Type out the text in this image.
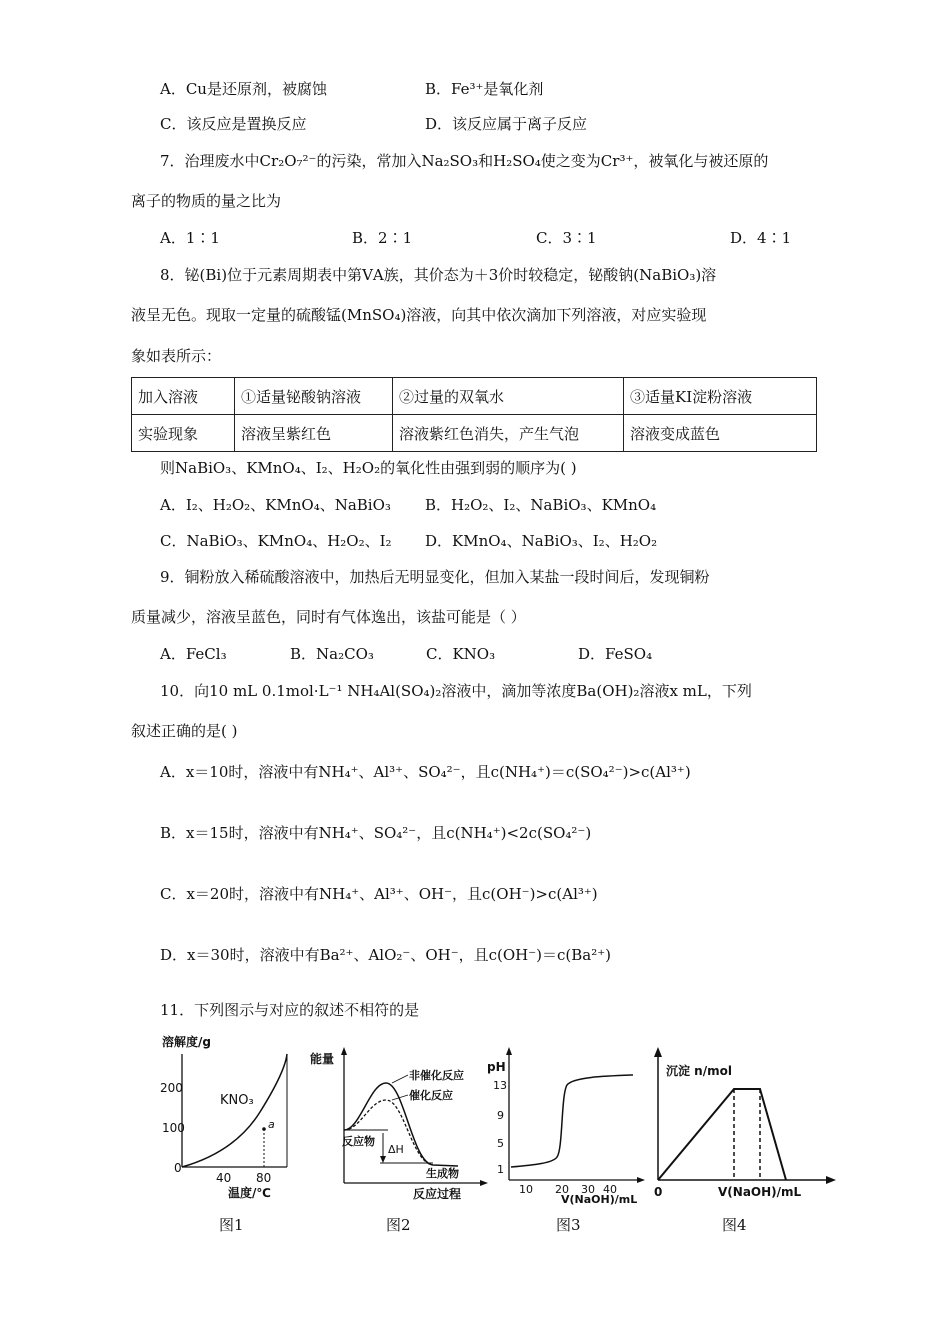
A．Cu是还原剂，被腐蚀	B．Fe³⁺是氧化剂
C．该反应是置换反应	D．该反应属于离子反应
7．治理废水中Cr₂O₇²⁻的污染，常加入Na₂SO₃和H₂SO₄使之变为Cr³⁺，被氧化与被还原的
离子的物质的量之比为
A．1∶1	B．2∶1	C．3∶1	D．4∶1
8．铋(Bi)位于元素周期表中第ⅤA族，其价态为＋3价时较稳定，铋酸钠(NaBiO₃)溶
液呈无色。现取一定量的硫酸锰(MnSO₄)溶液，向其中依次滴加下列溶液，对应实验现
象如表所示：
加入溶液	①适量铋酸钠溶液	②过量的双氧水	③适量KI淀粉溶液
实验现象	溶液呈紫红色	溶液紫红色消失，产生气泡	溶液变成蓝色
则NaBiO₃、KMnO₄、I₂、H₂O₂的氧化性由强到弱的顺序为( )
A．I₂、H₂O₂、KMnO₄、NaBiO₃ B．H₂O₂、I₂、NaBiO₃、KMnO₄
C．NaBiO₃、KMnO₄、H₂O₂、I₂ D．KMnO₄、NaBiO₃、I₂、H₂O₂
9．铜粉放入稀硫酸溶液中，加热后无明显变化，但加入某盐一段时间后，发现铜粉
质量减少，溶液呈蓝色，同时有气体逸出，该盐可能是（ ）
A．FeCl₃	B．Na₂CO₃	C．KNO₃	D．FeSO₄
10．向10 mL 0.1mol·L⁻¹ NH₄Al(SO₄)₂溶液中，滴加等浓度Ba(OH)₂溶液x mL，下列
叙述正确的是( )
A．x＝10时，溶液中有NH₄⁺、Al³⁺、SO₄²⁻，且c(NH₄⁺)＝c(SO₄²⁻)>c(Al³⁺)
B．x＝15时，溶液中有NH₄⁺、SO₄²⁻，且c(NH₄⁺)<2c(SO₄²⁻)
C．x＝20时，溶液中有NH₄⁺、Al³⁺、OH⁻，且c(OH⁻)>c(Al³⁺)
D．x＝30时，溶液中有Ba²⁺、AlO₂⁻、OH⁻，且c(OH⁻)＝c(Ba²⁺)
11．下列图示与对应的叙述不相符的是
溶解度/g
200
100
0
KNO₃
a
40 80
温度/℃
图1
能量
ΔH
非催化反应
催化反应
反应物
生成物
反应过程
图2
pH
13
9
5
1
10 20 30 40
V(NaOH)/mL
图3
沉淀 n/mol
0	V(NaOH)/mL
图4
